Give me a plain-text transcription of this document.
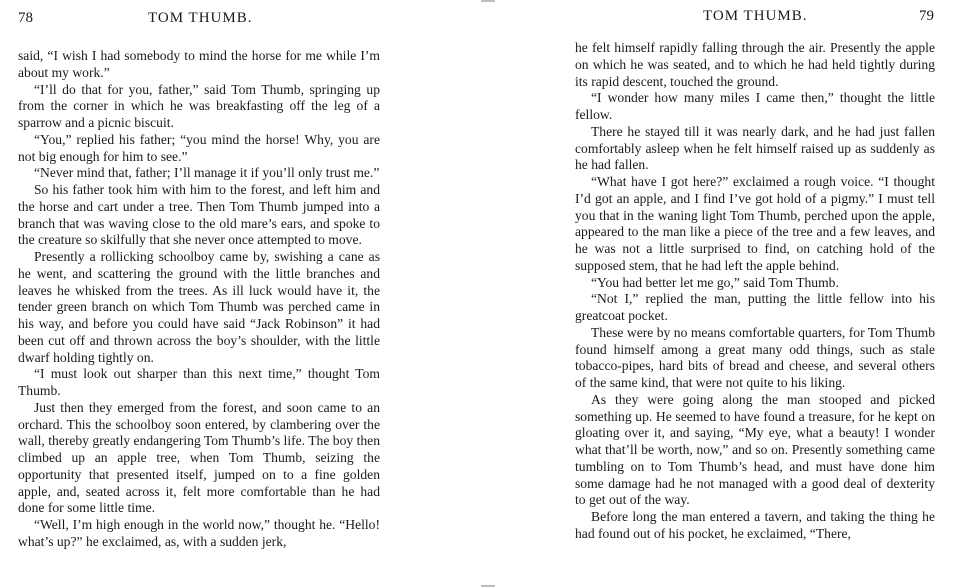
78	TOM THUMB.

said, “I wish I had somebody to mind the horse for me while I’m about my work.”

“I’ll do that for you, father,” said Tom Thumb, springing up from the corner in which he was breakfasting off the leg of a sparrow and a picnic biscuit.

“You,” replied his father; “you mind the horse! Why, you are not big enough for him to see.”

“Never mind that, father; I’ll manage it if you’ll only trust me.”

So his father took him with him to the forest, and left him and the horse and cart under a tree. Then Tom Thumb jumped into a branch that was waving close to the old mare’s ears, and spoke to the creature so skilfully that she never once attempted to move.

Presently a rollicking schoolboy came by, swishing a cane as he went, and scattering the ground with the little branches and leaves he whisked from the trees. As ill luck would have it, the tender green branch on which Tom Thumb was perched came in his way, and before you could have said “Jack Robinson” it had been cut off and thrown across the boy’s shoulder, with the little dwarf holding tightly on.

“I must look out sharper than this next time,” thought Tom Thumb.

Just then they emerged from the forest, and soon came to an orchard. This the schoolboy soon entered, by clambering over the wall, thereby greatly endangering Tom Thumb’s life. The boy then climbed up an apple tree, when Tom Thumb, seizing the opportunity that presented itself, jumped on to a fine golden apple, and, seated across it, felt more comfortable than he had done for some little time.

“Well, I’m high enough in the world now,” thought he. “Hello! what’s up?” he exclaimed, as, with a sudden jerk,

TOM THUMB.	79

he felt himself rapidly falling through the air. Presently the apple on which he was seated, and to which he had held tightly during its rapid descent, touched the ground.

“I wonder how many miles I came then,” thought the little fellow.

There he stayed till it was nearly dark, and he had just fallen comfortably asleep when he felt himself raised up as suddenly as he had fallen.

“What have I got here?” exclaimed a rough voice. “I thought I’d got an apple, and I find I’ve got hold of a pigmy.” I must tell you that in the waning light Tom Thumb, perched upon the apple, appeared to the man like a piece of the tree and a few leaves, and he was not a little surprised to find, on catching hold of the supposed stem, that he had left the apple behind.

“You had better let me go,” said Tom Thumb.

“Not I,” replied the man, putting the little fellow into his greatcoat pocket.

These were by no means comfortable quarters, for Tom Thumb found himself among a great many odd things, such as stale tobacco-pipes, hard bits of bread and cheese, and several others of the same kind, that were not quite to his liking.

As they were going along the man stooped and picked something up. He seemed to have found a treasure, for he kept on gloating over it, and saying, “My eye, what a beauty! I wonder what that’ll be worth, now,” and so on. Presently something came tumbling on to Tom Thumb’s head, and must have done him some damage had he not managed with a good deal of dexterity to get out of the way.

Before long the man entered a tavern, and taking the thing he had found out of his pocket, he exclaimed, “There,
